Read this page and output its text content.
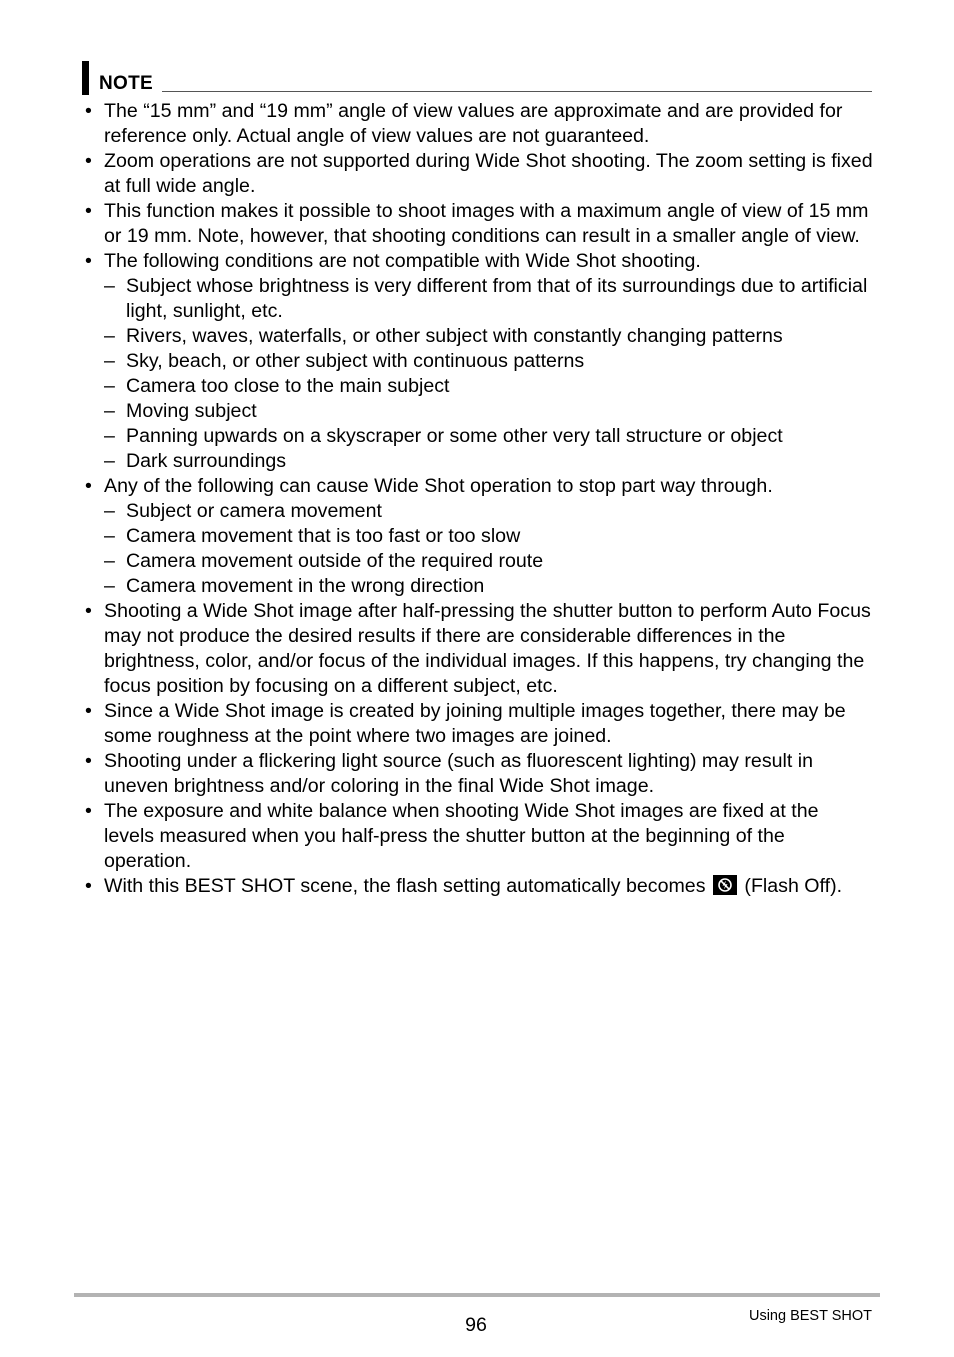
NOTE
• The “15 mm” and “19 mm” angle of view values are approximate and are provided for reference only. Actual angle of view values are not guaranteed.
• Zoom operations are not supported during Wide Shot shooting. The zoom setting is fixed at full wide angle.
• This function makes it possible to shoot images with a maximum angle of view of 15 mm or 19 mm. Note, however, that shooting conditions can result in a smaller angle of view.
• The following conditions are not compatible with Wide Shot shooting.
– Subject whose brightness is very different from that of its surroundings due to artificial light, sunlight, etc.
– Rivers, waves, waterfalls, or other subject with constantly changing patterns
– Sky, beach, or other subject with continuous patterns
– Camera too close to the main subject
– Moving subject
– Panning upwards on a skyscraper or some other very tall structure or object
– Dark surroundings
• Any of the following can cause Wide Shot operation to stop part way through.
– Subject or camera movement
– Camera movement that is too fast or too slow
– Camera movement outside of the required route
– Camera movement in the wrong direction
• Shooting a Wide Shot image after half-pressing the shutter button to perform Auto Focus may not produce the desired results if there are considerable differences in the brightness, color, and/or focus of the individual images. If this happens, try changing the focus position by focusing on a different subject, etc.
• Since a Wide Shot image is created by joining multiple images together, there may be some roughness at the point where two images are joined.
• Shooting under a flickering light source (such as fluorescent lighting) may result in uneven brightness and/or coloring in the final Wide Shot image.
• The exposure and white balance when shooting Wide Shot images are fixed at the levels measured when you half-press the shutter button at the beginning of the operation.
• With this BEST SHOT scene, the flash setting automatically becomes (Flash Off).
96	Using BEST SHOT
